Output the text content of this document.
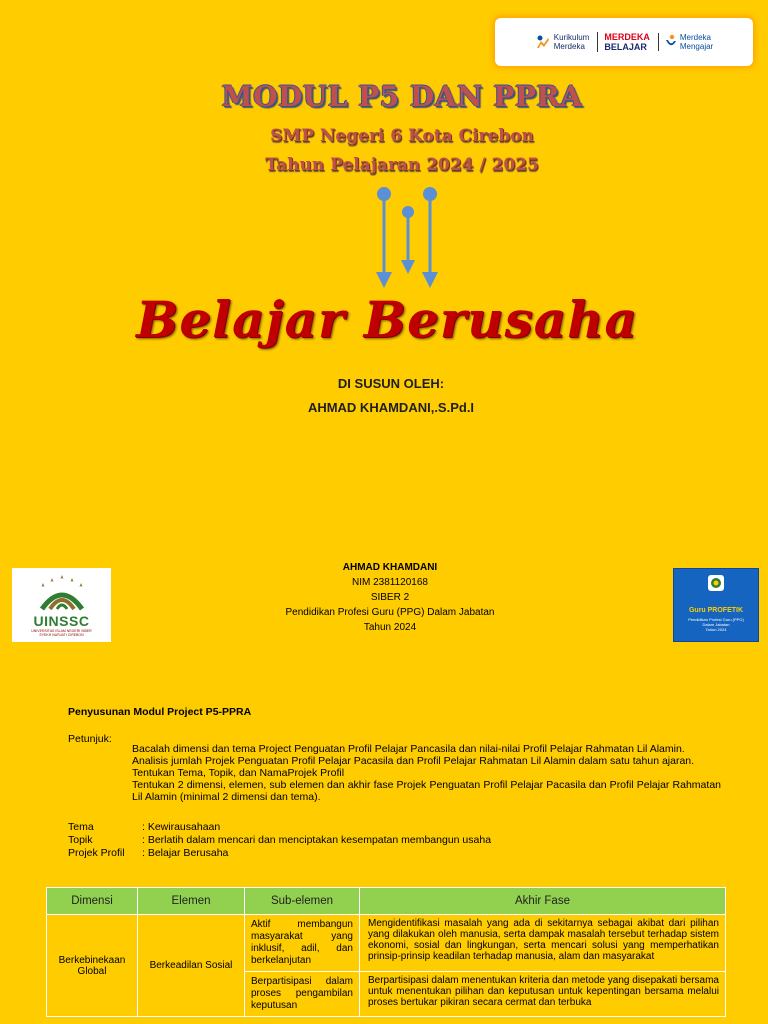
Kurikulum
Merdeka
MERDEKA
BELAJAR
Merdeka
Mengajar
MODUL P5 DAN PPRA
SMP Negeri 6 Kota Cirebon
Tahun Pelajaran 2024 / 2025
Belajar Berusaha
DI SUSUN OLEH:
AHMAD KHAMDANI,.S.Pd.I
UINSSC
UNIVERSITAS ISLAM NEGERI SIBER
SYEKH NURJATI CIREBON
AHMAD KHAMDANI
NIM 2381120168
SIBER 2
Pendidikan Profesi Guru (PPG) Dalam Jabatan
Tahun 2024
Guru PROFETIK
Pendidikan Profesi Guru (PPG)
Dalam Jabatan
Tahun 2024
Penyusunan Modul Project P5-PPRA
Petunjuk:

Bacalah dimensi dan tema Project Penguatan Profil Pelajar Pancasila dan nilai-nilai Profil Pelajar Rahmatan Lil Alamin.

Analisis jumlah Projek Penguatan Profil Pelajar Pacasila dan Profil Pelajar Rahmatan Lil Alamin dalam satu tahun ajaran.

Tentukan Tema, Topik, dan NamaProjek Profil

Tentukan 2 dimensi, elemen, sub elemen dan akhir fase Projek Penguatan Profil Pelajar Pacasila dan Profil Pelajar Rahmatan Lil Alamin (minimal 2 dimensi dan tema).

Tema	: Kewirausahaan
Topik	: Berlatih dalam mencari dan menciptakan kesempatan membangun usaha
Projek Profil	: Belajar Berusaha
Dimensi	Elemen	Sub-elemen	Akhir Fase
Berkebinekaan Global	Berkeadilan Sosial	Aktif membangun masyarakat yang inklusif, adil, dan berkelanjutan	Mengidentifikasi masalah yang ada di sekitarnya sebagai akibat dari pilihan yang dilakukan oleh manusia, serta dampak masalah tersebut terhadap sistem ekonomi, sosial dan lingkungan, serta mencari solusi yang memperhatikan prinsip-prinsip keadilan terhadap manusia, alam dan masyarakat
		Berpartisipasi dalam proses pengambilan keputusan	Berpartisipasi dalam menentukan kriteria dan metode yang disepakati bersama untuk menentukan pilihan dan keputusan untuk kepentingan bersama melalui proses bertukar pikiran secara cermat dan terbuka
